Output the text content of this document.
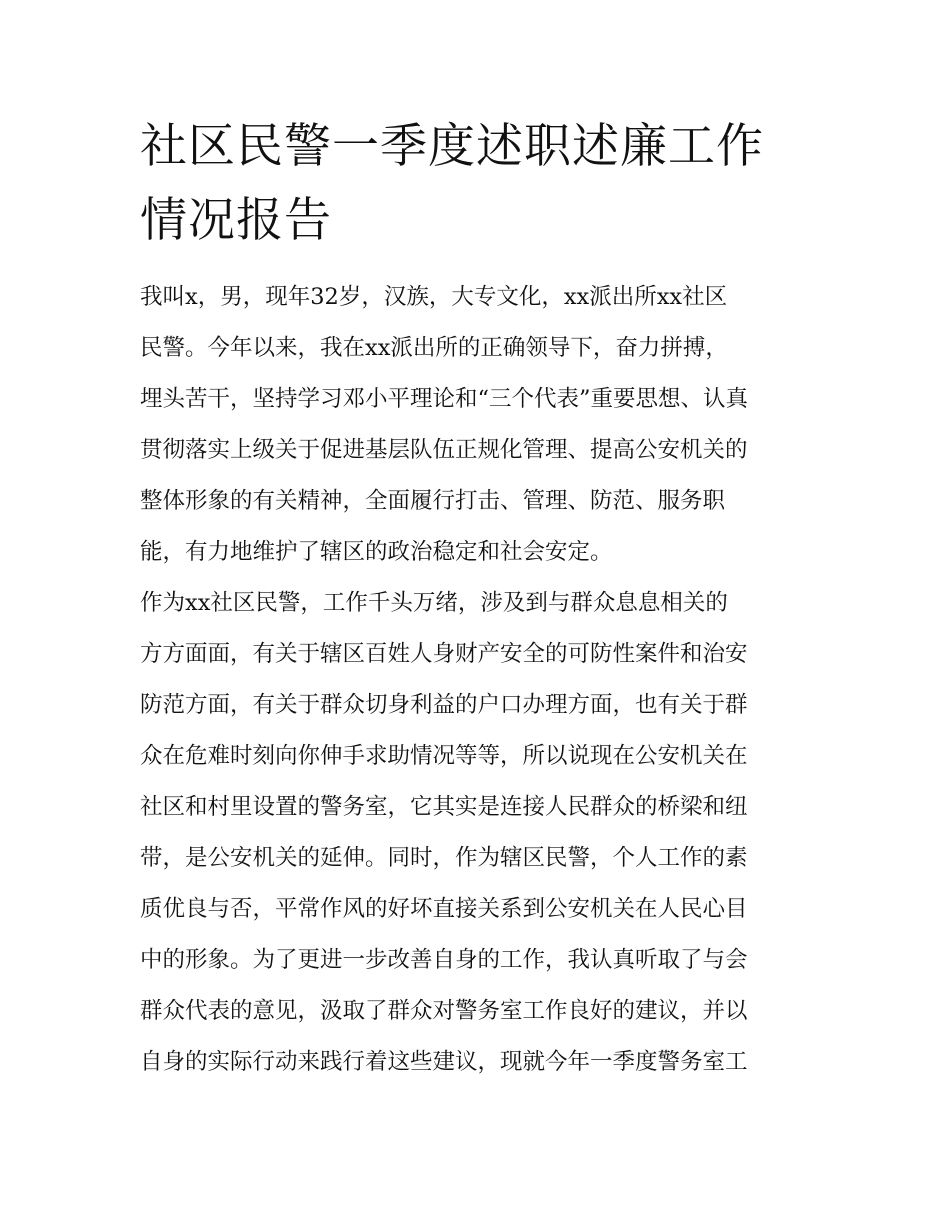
社区民警一季度述职述廉工作
情况报告
我叫x，男，现年32岁，汉族，大专文化，xx派出所xx社区
民警。今年以来，我在xx派出所的正确领导下，奋力拼搏，
埋头苦干，坚持学习邓小平理论和“三个代表”重要思想、认真
贯彻落实上级关于促进基层队伍正规化管理、提高公安机关的
整体形象的有关精神，全面履行打击、管理、防范、服务职
能，有力地维护了辖区的政治稳定和社会安定。
作为xx社区民警，工作千头万绪，涉及到与群众息息相关的
方方面面，有关于辖区百姓人身财产安全的可防性案件和治安
防范方面，有关于群众切身利益的户口办理方面，也有关于群
众在危难时刻向你伸手求助情况等等，所以说现在公安机关在
社区和村里设置的警务室，它其实是连接人民群众的桥梁和纽
带，是公安机关的延伸。同时，作为辖区民警，个人工作的素
质优良与否，平常作风的好坏直接关系到公安机关在人民心目
中的形象。为了更进一步改善自身的工作，我认真听取了与会
群众代表的意见，汲取了群众对警务室工作良好的建议，并以
自身的实际行动来践行着这些建议，现就今年一季度警务室工
